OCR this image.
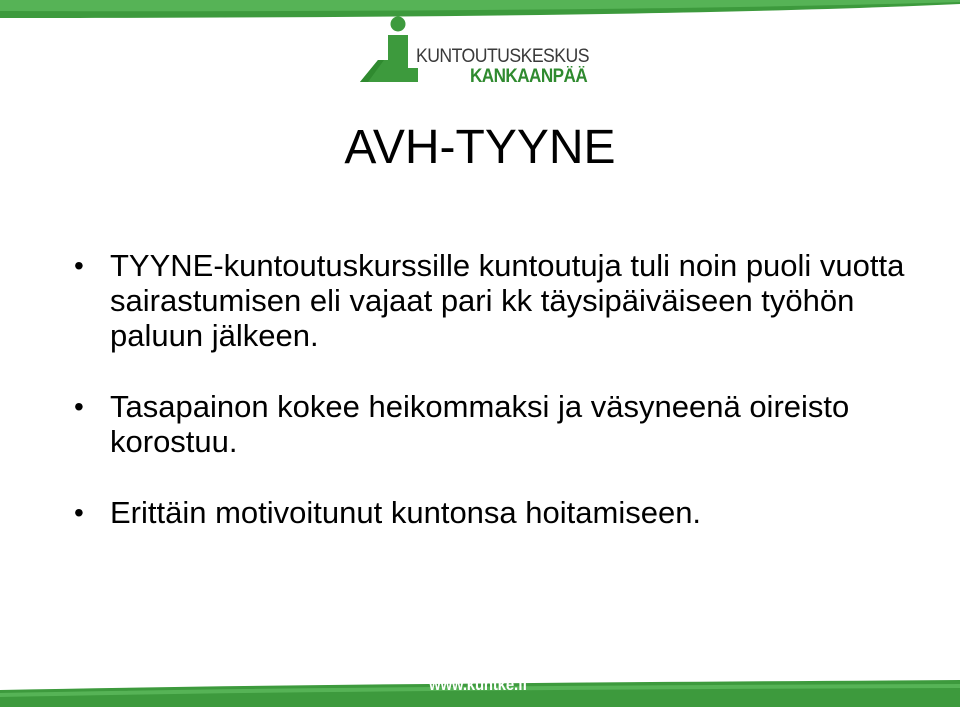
KUNTOUTUSKESKUS
KANKAANPÄÄ
AVH-TYYNE
• TYYNE-kuntoutuskurssille kuntoutuja tuli noin puoli vuotta sairastumisen eli vajaat pari kk täysipäiväiseen työhön paluun jälkeen.
• Tasapainon kokee heikommaksi ja väsyneenä oireisto korostuu.
• Erittäin motivoitunut kuntonsa hoitamiseen.
www.kuntke.fi
